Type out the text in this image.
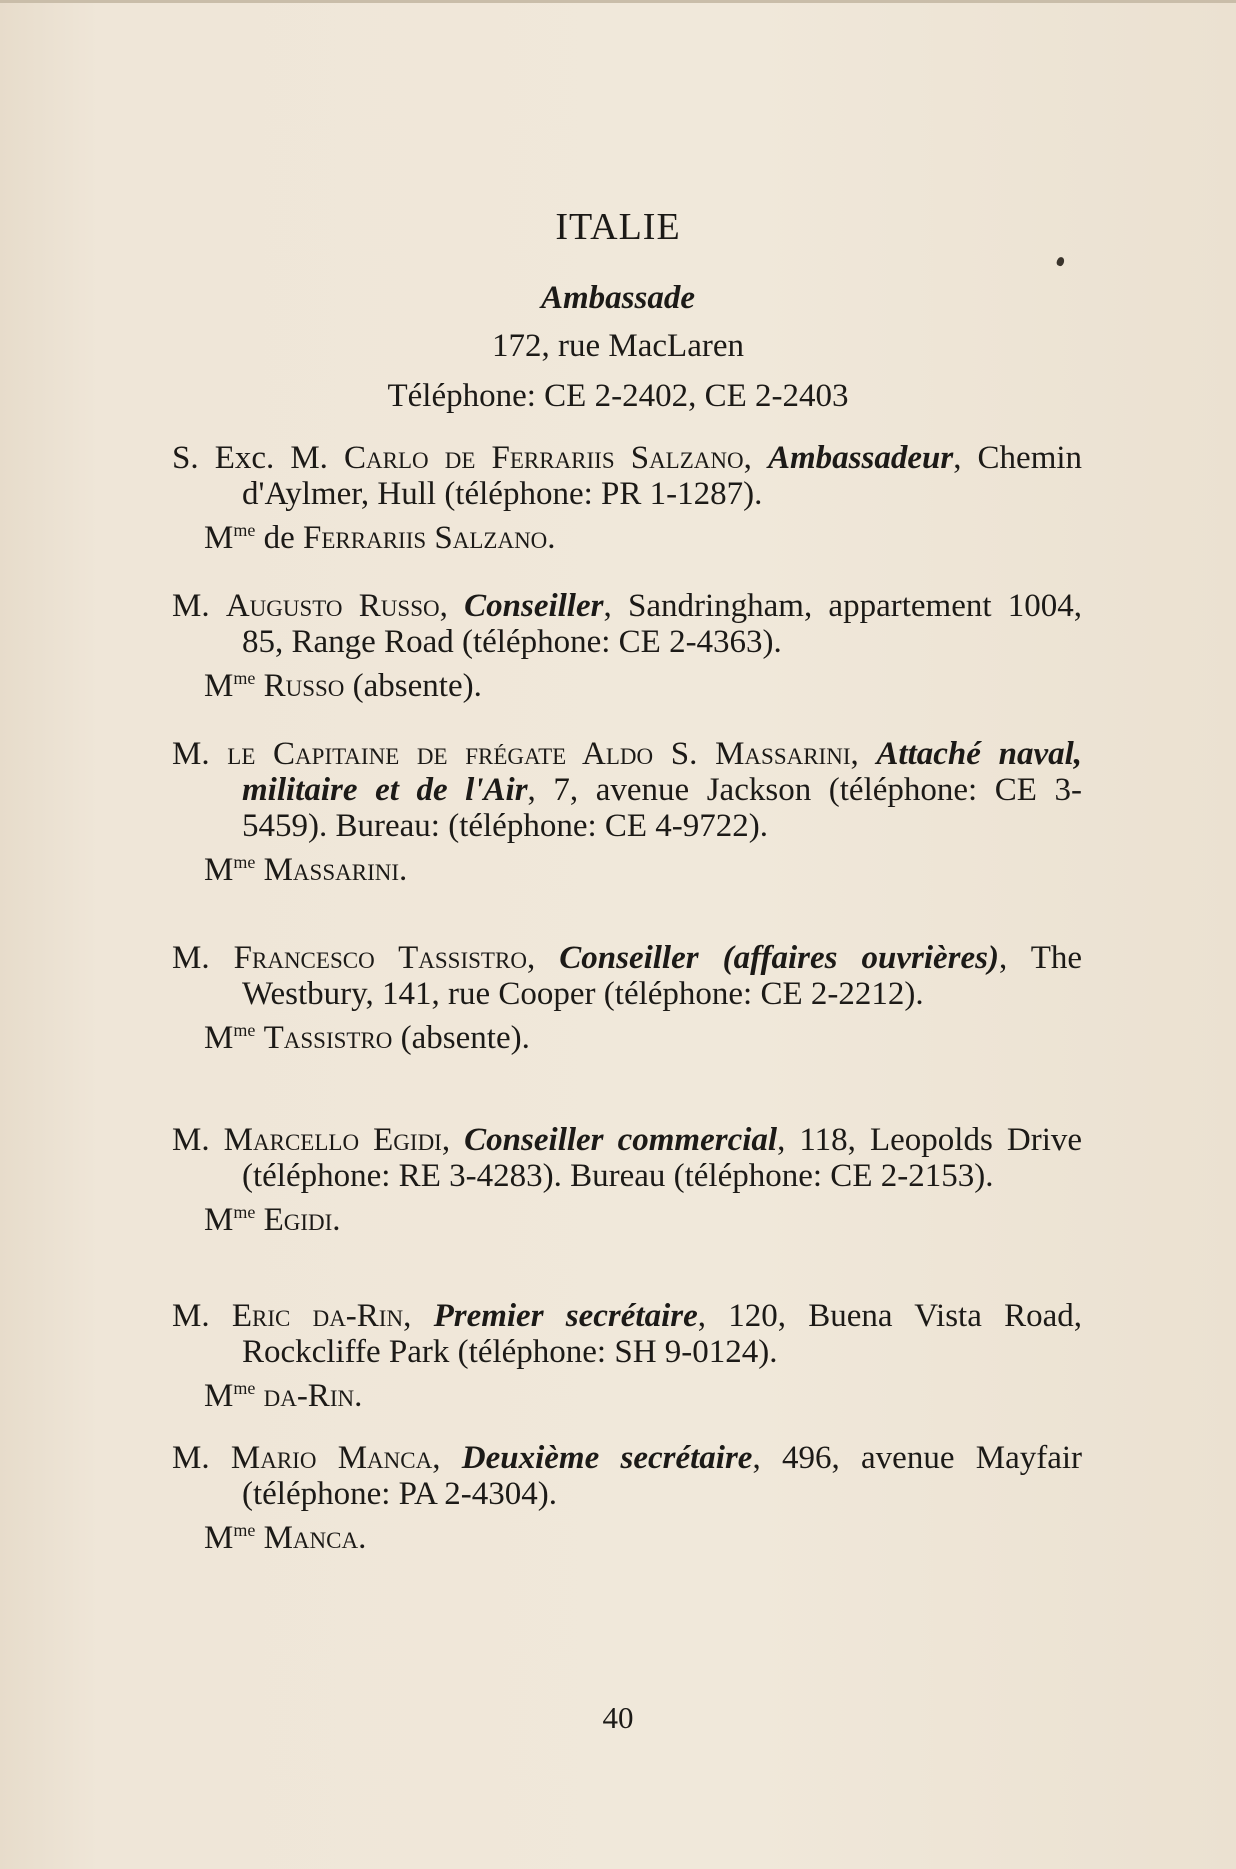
ITALIE
Ambassade
172, rue MacLaren
Téléphone: CE 2-2402, CE 2-2403
S. Exc. M. Carlo de Ferrariis Salzano, Ambassadeur, Chemin d'Aylmer, Hull (téléphone: PR 1-1287).
$M^{me}$ de Ferrariis Salzano.
M. Augusto Russo, Conseiller, Sandringham, appartement 1004, 85, Range Road (téléphone: CE 2-4363).
$M^{me}$ Russo (absente).
M. le Capitaine de frégate Aldo S. Massarini, Attaché naval, militaire et de l'Air, 7, avenue Jackson (téléphone: CE 3-5459). Bureau: (téléphone: CE 4-9722).
$M^{me}$ Massarini.
M. Francesco Tassistro, Conseiller (affaires ouvrières), The Westbury, 141, rue Cooper (téléphone: CE 2-2212).
$M^{me}$ Tassistro (absente).
M. Marcello Egidi, Conseiller commercial, 118, Leopolds Drive (téléphone: RE 3-4283). Bureau (téléphone: CE 2-2153).
$M^{me}$ Egidi.
M. Eric da-Rin, Premier secrétaire, 120, Buena Vista Road, Rockcliffe Park (téléphone: SH 9-0124).
$M^{me}$ da-Rin.
M. Mario Manca, Deuxième secrétaire, 496, avenue Mayfair (téléphone: PA 2-4304).
$M^{me}$ Manca.
40
